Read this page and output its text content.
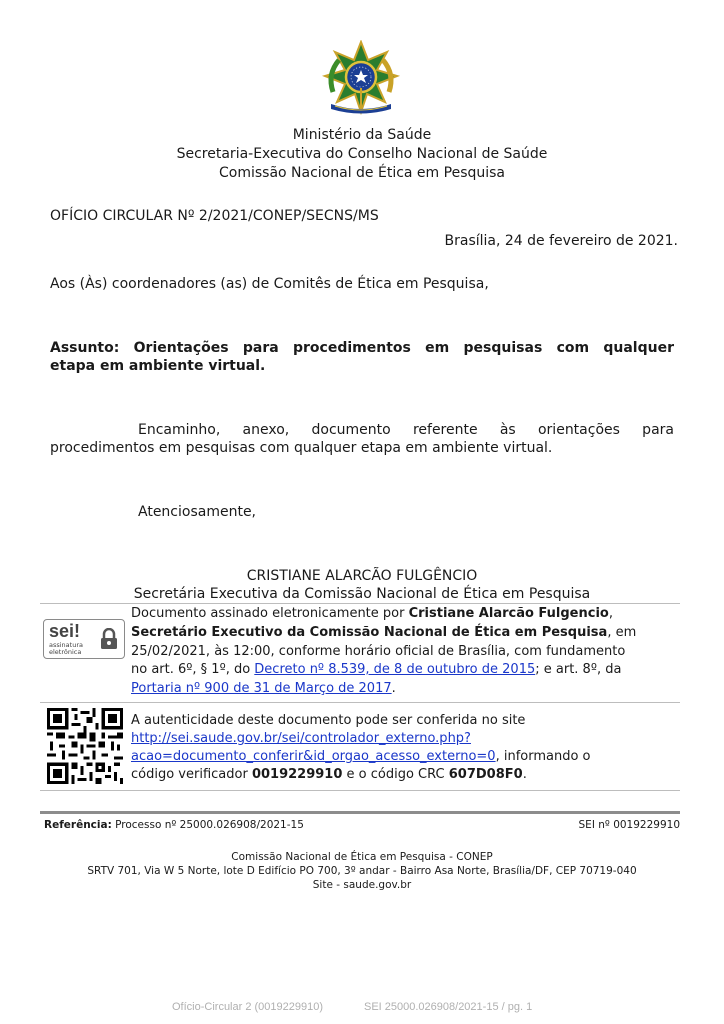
Ministério da Saúde
Secretaria-Executiva do Conselho Nacional de Saúde
Comissão Nacional de Ética em Pesquisa
OFÍCIO CIRCULAR Nº 2/2021/CONEP/SECNS/MS
Brasília, 24 de fevereiro de 2021.
Aos (Às) coordenadores (as) de Comitês de Ética em Pesquisa,
Assunto: Orientações para procedimentos em pesquisas com qualquer
etapa em ambiente virtual.
Encaminho, anexo, documento referente às orientações para
procedimentos em pesquisas com qualquer etapa em ambiente virtual.
Atenciosamente,
CRISTIANE ALARCÃO FULGÊNCIO
Secretária Executiva da Comissão Nacional de Ética em Pesquisa
sei!
assinatura
eletrônica
Documento assinado eletronicamente por Cristiane Alarcão Fulgencio,
Secretário Executivo da Comissão Nacional de Ética em Pesquisa, em
25/02/2021, às 12:00, conforme horário oficial de Brasília, com fundamento
no art. 6º, § 1º, do Decreto nº 8.539, de 8 de outubro de 2015; e art. 8º, da
Portaria nº 900 de 31 de Março de 2017.
A autenticidade deste documento pode ser conferida no site
http://sei.saude.gov.br/sei/controlador_externo.php?
acao=documento_conferir&id_orgao_acesso_externo=0, informando o
código verificador 0019229910 e o código CRC 607D08F0.
Referência: Processo nº 25000.026908/2021-15	SEI nº 0019229910
Comissão Nacional de Ética em Pesquisa - CONEP
SRTV 701, Via W 5 Norte, lote D Edifício PO 700, 3º andar - Bairro Asa Norte, Brasília/DF, CEP 70719-040
Site - saude.gov.br
Ofício-Circular 2 (0019229910)	SEI 25000.026908/2021-15 / pg. 1
